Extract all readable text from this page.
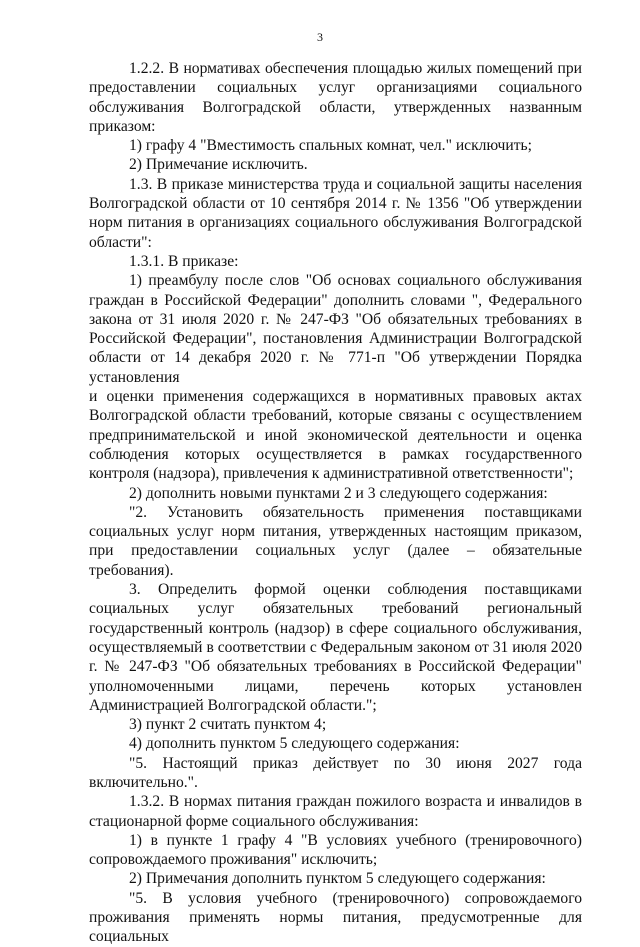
3

1.2.2. В нормативах обеспечения площадью жилых помещений при предоставлении социальных услуг организациями социального обслуживания Волгоградской области, утвержденных названным приказом:

1) графу 4 "Вместимость спальных комнат, чел." исключить;

2) Примечание исключить.

1.3. В приказе министерства труда и социальной защиты населения Волгоградской области от 10 сентября 2014 г. № 1356 "Об утверждении норм питания в организациях социального обслуживания Волгоградской области":

1.3.1. В приказе:

1) преамбулу после слов "Об основах социального обслуживания граждан в Российской Федерации" дополнить словами ", Федерального закона от 31 июля 2020 г. № 247-ФЗ "Об обязательных требованиях в Российской Федерации", постановления Администрации Волгоградской области от 14 декабря 2020 г. № 771-п "Об утверждении Порядка установления

и оценки применения содержащихся в нормативных правовых актах Волгоградской области требований, которые связаны с осуществлением предпринимательской и иной экономической деятельности и оценка соблюдения которых осуществляется в рамках государственного контроля (надзора), привлечения к административной ответственности";

2) дополнить новыми пунктами 2 и 3 следующего содержания:

"2. Установить обязательность применения поставщиками социальных услуг норм питания, утвержденных настоящим приказом, при предоставлении социальных услуг (далее – обязательные требования).

3. Определить формой оценки соблюдения поставщиками социальных услуг обязательных требований региональный государственный контроль (надзор) в сфере социального обслуживания, осуществляемый в соответствии с Федеральным законом от 31 июля 2020 г. № 247-ФЗ "Об обязательных требованиях в Российской Федерации" уполномоченными лицами, перечень которых установлен Администрацией Волгоградской области.";

3) пункт 2 считать пунктом 4;

4) дополнить пунктом 5 следующего содержания:

"5. Настоящий приказ действует по 30 июня 2027 года включительно.".

1.3.2. В нормах питания граждан пожилого возраста и инвалидов в стационарной форме социального обслуживания:

1) в пункте 1 графу 4 "В условиях учебного (тренировочного) сопровождаемого проживания" исключить;

2) Примечания дополнить пунктом 5 следующего содержания:

"5. В условия учебного (тренировочного) сопровождаемого проживания применять нормы питания, предусмотренные для социальных
